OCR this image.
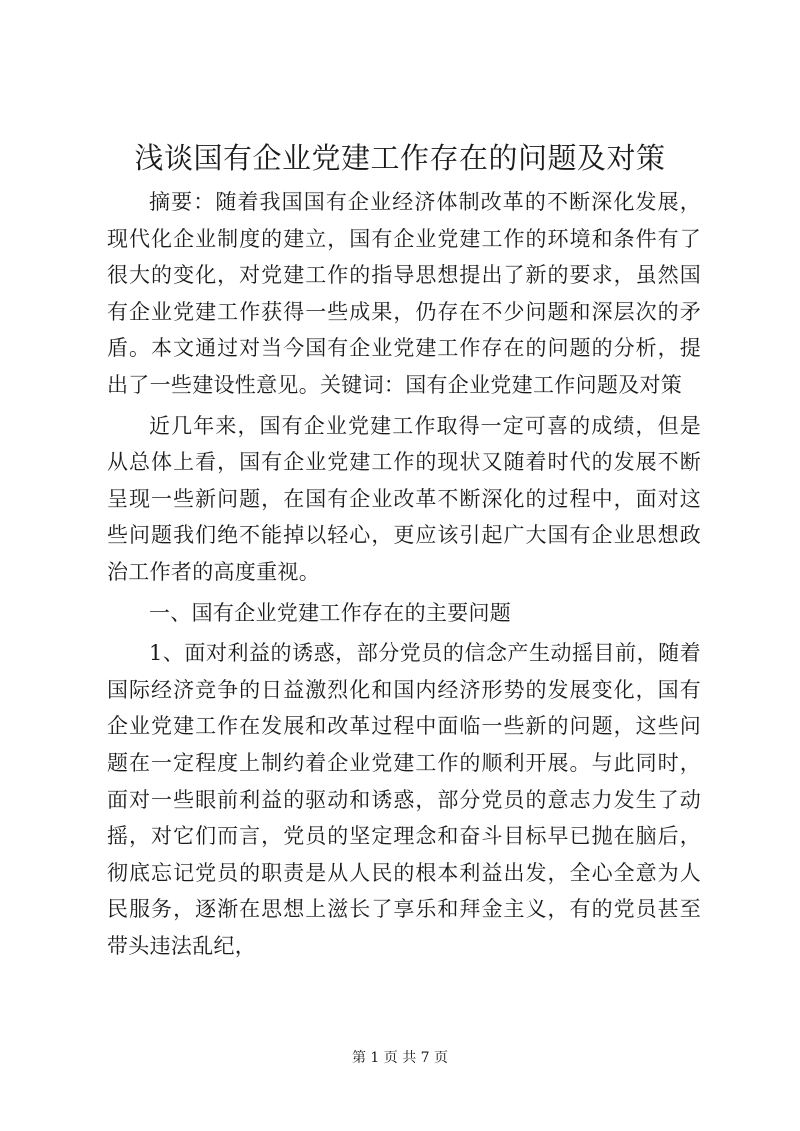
浅谈国有企业党建工作存在的问题及对策

摘要：随着我国国有企业经济体制改革的不断深化发展，现代化企业制度的建立，国有企业党建工作的环境和条件有了很大的变化，对党建工作的指导思想提出了新的要求，虽然国有企业党建工作获得一些成果，仍存在不少问题和深层次的矛盾。本文通过对当今国有企业党建工作存在的问题的分析，提出了一些建设性意见。关键词：国有企业党建工作问题及对策

近几年来，国有企业党建工作取得一定可喜的成绩，但是从总体上看，国有企业党建工作的现状又随着时代的发展不断呈现一些新问题，在国有企业改革不断深化的过程中，面对这些问题我们绝不能掉以轻心，更应该引起广大国有企业思想政治工作者的高度重视。

一、国有企业党建工作存在的主要问题

1、面对利益的诱惑，部分党员的信念产生动摇目前，随着国际经济竞争的日益激烈化和国内经济形势的发展变化，国有企业党建工作在发展和改革过程中面临一些新的问题，这些问题在一定程度上制约着企业党建工作的顺利开展。与此同时，面对一些眼前利益的驱动和诱惑，部分党员的意志力发生了动摇，对它们而言，党员的坚定理念和奋斗目标早已抛在脑后，彻底忘记党员的职责是从人民的根本利益出发，全心全意为人民服务，逐渐在思想上滋长了享乐和拜金主义，有的党员甚至带头违法乱纪，

第 1 页 共 7 页
